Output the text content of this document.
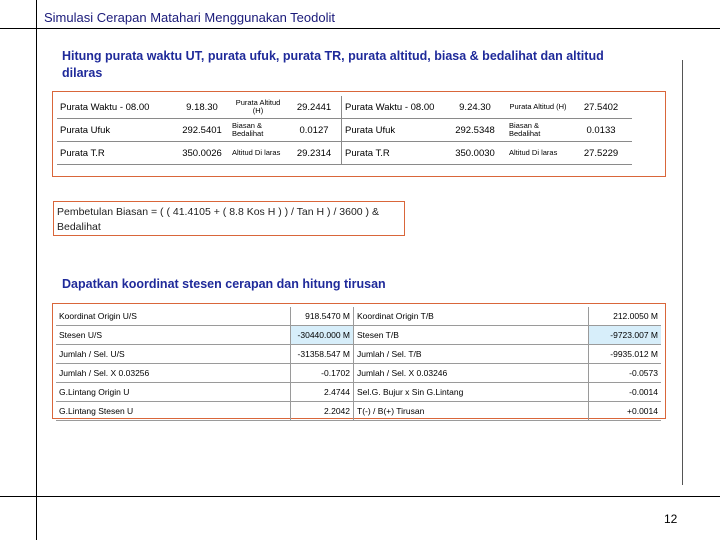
Simulasi Cerapan Matahari Menggunakan Teodolit
Hitung purata waktu UT, purata ufuk, purata TR, purata altitud, biasa & bedalihat dan altitud dilaras
Purata Waktu - 08.00	9.18.30	Purata Altitud (H)	29.2441	Purata Waktu - 08.00	9.24.30	Purata Altitud (H)	27.5402
Purata Ufuk	292.5401	Biasan & Bedalihat	0.0127	Purata Ufuk	292.5348	Biasan & Bedalihat	0.0133
Purata T.R	350.0026	Altitud Di laras	29.2314	Purata T.R	350.0030	Altitud Di laras	27.5229
Pembetulan Biasan = ( ( 41.4105 + ( 8.8 Kos H ) ) / Tan H ) / 3600 ) & Bedalihat
Dapatkan koordinat stesen cerapan dan hitung tirusan
Koordinat Origin U/S	918.5470 M	Koordinat Origin T/B	212.0050 M
Stesen U/S	-30440.000 M	Stesen T/B	-9723.007 M
Jumlah / Sel. U/S	-31358.547 M	Jumlah / Sel. T/B	-9935.012 M
Jumlah / Sel. X 0.03256	-0.1702	Jumlah / Sel. X 0.03246	-0.0573
G.Lintang Origin U	2.4744	Sel.G. Bujur x Sin G.Lintang	-0.0014
G.Lintang Stesen U	2.2042	T(-) / B(+) Tirusan	+0.0014
12
